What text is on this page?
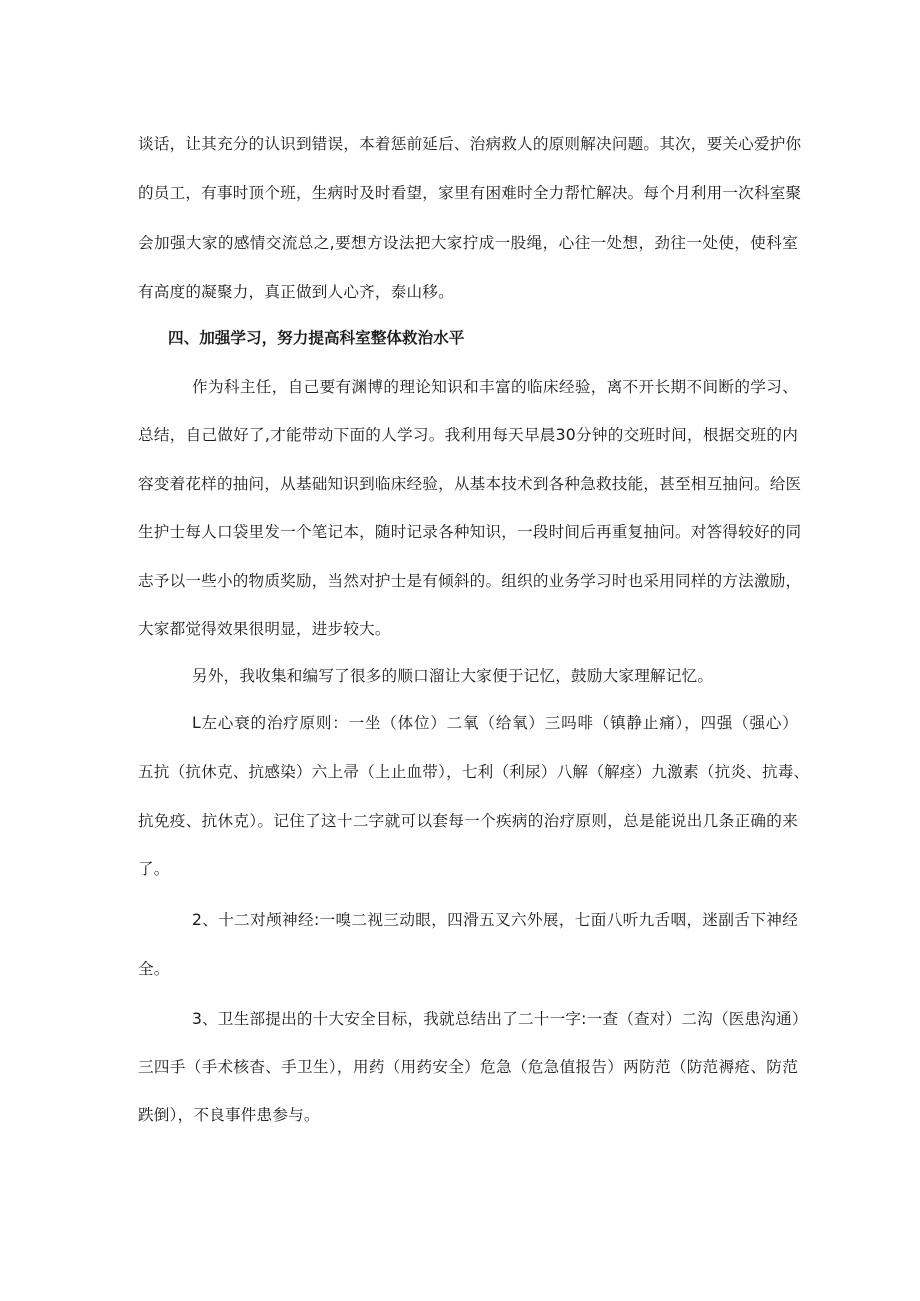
谈话，让其充分的认识到错误，本着惩前延后、治病救人的原则解决问题。其次，要关心爱护你
的员工，有事时顶个班，生病时及时看望，家里有困难时全力帮忙解决。每个月利用一次科室聚
会加强大家的感情交流总之,要想方设法把大家拧成一股绳，心往一处想，劲往一处使，使科室
有高度的凝聚力，真正做到人心齐，泰山移。
四、加强学习，努力提高科室整体救治水平
作为科主任，自己要有渊博的理论知识和丰富的临床经验，离不开长期不间断的学习、
总结，自己做好了,才能带动下面的人学习。我利用每天早晨30分钟的交班时间，根据交班的内
容变着花样的抽问，从基础知识到临床经验，从基本技术到各种急救技能，甚至相互抽问。给医
生护士每人口袋里发一个笔记本，随时记录各种知识，一段时间后再重复抽问。对答得较好的同
志予以一些小的物质奖励，当然对护士是有倾斜的。组织的业务学习时也采用同样的方法激励，
大家都觉得效果很明显，进步较大。
另外，我收集和编写了很多的顺口溜让大家便于记忆，鼓励大家理解记忆。
L左心衰的治疗原则：一坐（体位）二氧（给氧）三吗啡（镇静止痛），四强（强心）
五抗（抗休克、抗感染）六上帚（上止血带），七利（利尿）八解（解痉）九激素（抗炎、抗毒、
抗免疫、抗休克）。记住了这十二字就可以套每一个疾病的治疗原则，总是能说出几条正确的来
了。
2、十二对颅神经:一嗅二视三动眼，四滑五叉六外展，七面八听九舌咽，迷副舌下神经
全。
3、卫生部提出的十大安全目标，我就总结出了二十一字:一查（查对）二沟（医患沟通）
三四手（手术核杳、手卫生），用药（用药安全）危急（危急值报告）两防范（防范褥疮、防范
跌倒），不良事件患参与。
